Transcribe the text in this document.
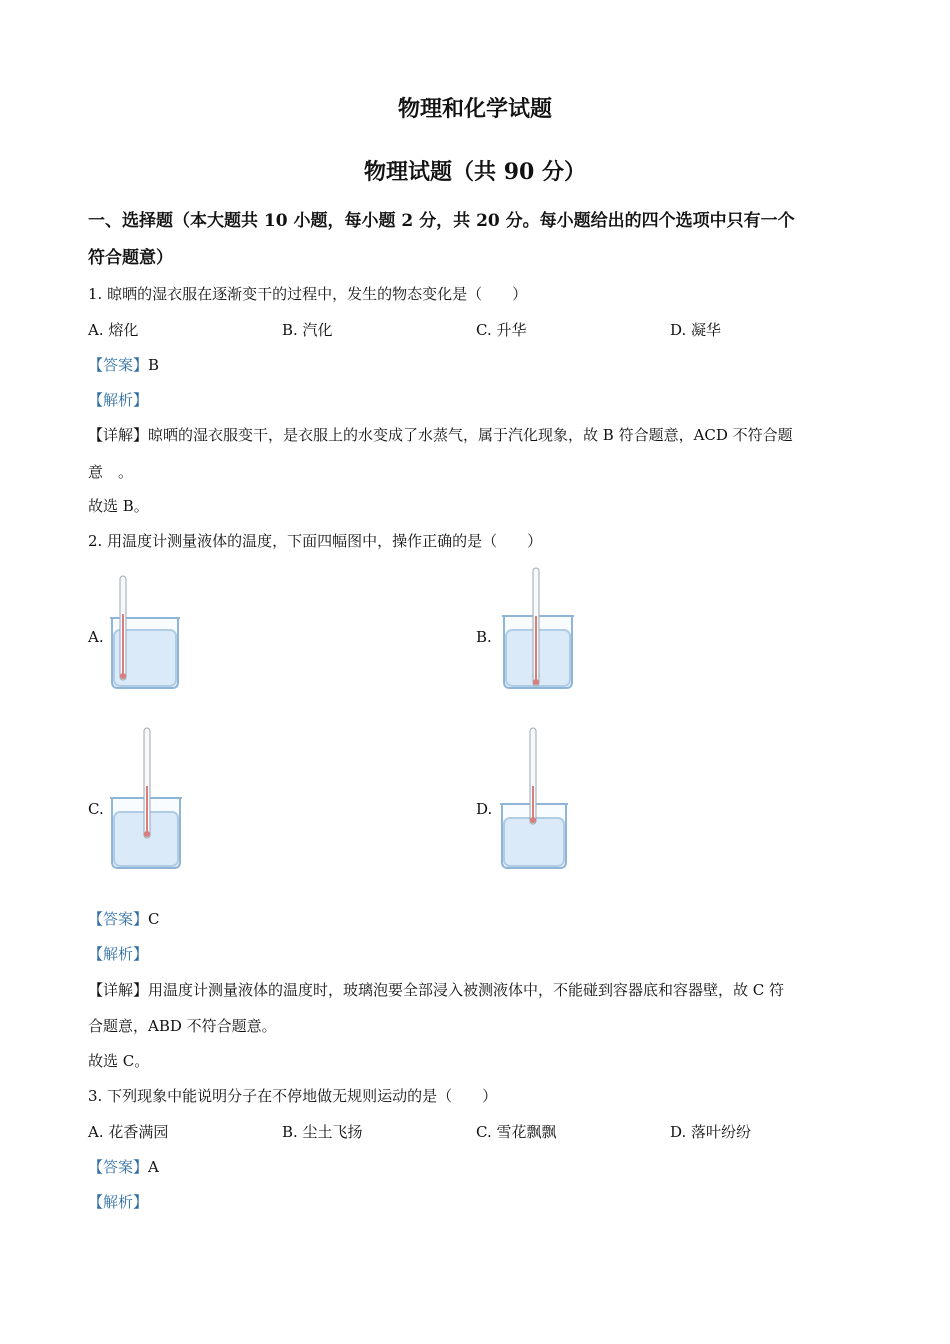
物理和化学试题
物理试题（共 90 分）
一、选择题（本大题共 10 小题，每小题 2 分，共 20 分。每小题给出的四个选项中只有一个
符合题意）
1. 晾晒的湿衣服在逐渐变干的过程中，发生的物态变化是（　　）
A. 熔化	B. 汽化	C. 升华	D. 凝华
【答案】B
【解析】
【详解】晾晒的湿衣服变干，是衣服上的水变成了水蒸气，属于汽化现象，故 B 符合题意，ACD 不符合题
意　。
故选 B。
2. 用温度计测量液体的温度，下面四幅图中，操作正确的是（　　）
A.	B.
C.	D.
【答案】C
【解析】
【详解】用温度计测量液体的温度时，玻璃泡要全部浸入被测液体中，不能碰到容器底和容器壁，故 C 符
合题意，ABD 不符合题意。
故选 C。
3. 下列现象中能说明分子在不停地做无规则运动的是（　　）
A. 花香满园	B. 尘土飞扬	C. 雪花飘飘	D. 落叶纷纷
【答案】A
【解析】
